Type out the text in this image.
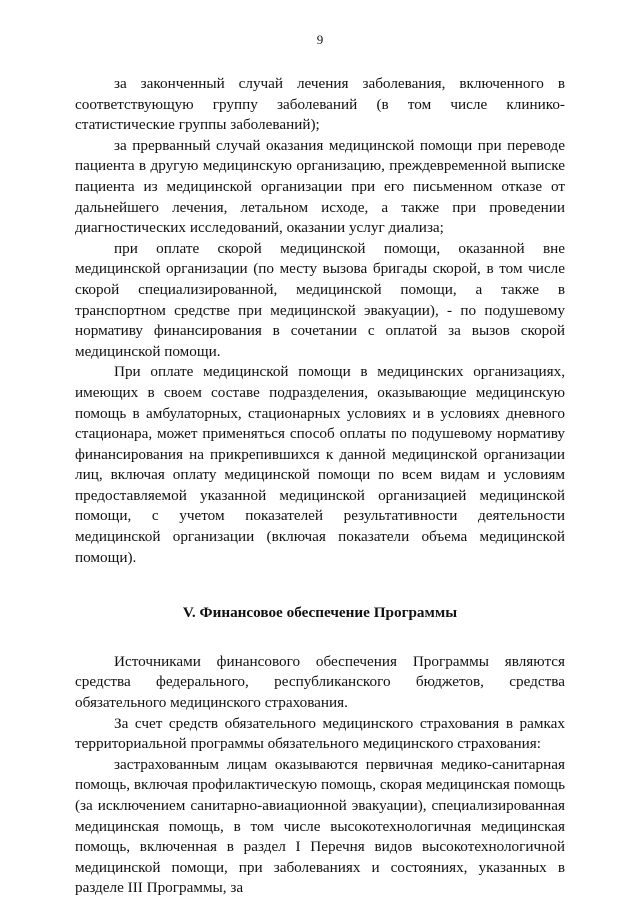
9

за законченный случай лечения заболевания, включенного в соответствующую группу заболеваний (в том числе клинико-статистические группы заболеваний);

за прерванный случай оказания медицинской помощи при переводе пациента в другую медицинскую организацию, преждевременной выписке пациента из медицинской организации при его письменном отказе от дальнейшего лечения, летальном исходе, а также при проведении диагностических исследований, оказании услуг диализа;

при оплате скорой медицинской помощи, оказанной вне медицинской организации (по месту вызова бригады скорой, в том числе скорой специализированной, медицинской помощи, а также в транспортном средстве при медицинской эвакуации), - по подушевому нормативу финансирования в сочетании с оплатой за вызов скорой медицинской помощи.

При оплате медицинской помощи в медицинских организациях, имеющих в своем составе подразделения, оказывающие медицинскую помощь в амбулаторных, стационарных условиях и в условиях дневного стационара, может применяться способ оплаты по подушевому нормативу финансирования на прикрепившихся к данной медицинской организации лиц, включая оплату медицинской помощи по всем видам и условиям предоставляемой указанной медицинской организацией медицинской помощи, с учетом показателей результативности деятельности медицинской организации (включая показатели объема медицинской помощи).

V. Финансовое обеспечение Программы

Источниками финансового обеспечения Программы являются средства федерального, республиканского бюджетов, средства обязательного медицинского страхования.

За счет средств обязательного медицинского страхования в рамках территориальной программы обязательного медицинского страхования:

застрахованным лицам оказываются первичная медико-санитарная помощь, включая профилактическую помощь, скорая медицинская помощь (за исключением санитарно-авиационной эвакуации), специализированная медицинская помощь, в том числе высокотехнологичная медицинская помощь, включенная в раздел I Перечня видов высокотехнологичной медицинской помощи, при заболеваниях и состояниях, указанных в разделе III Программы, за
